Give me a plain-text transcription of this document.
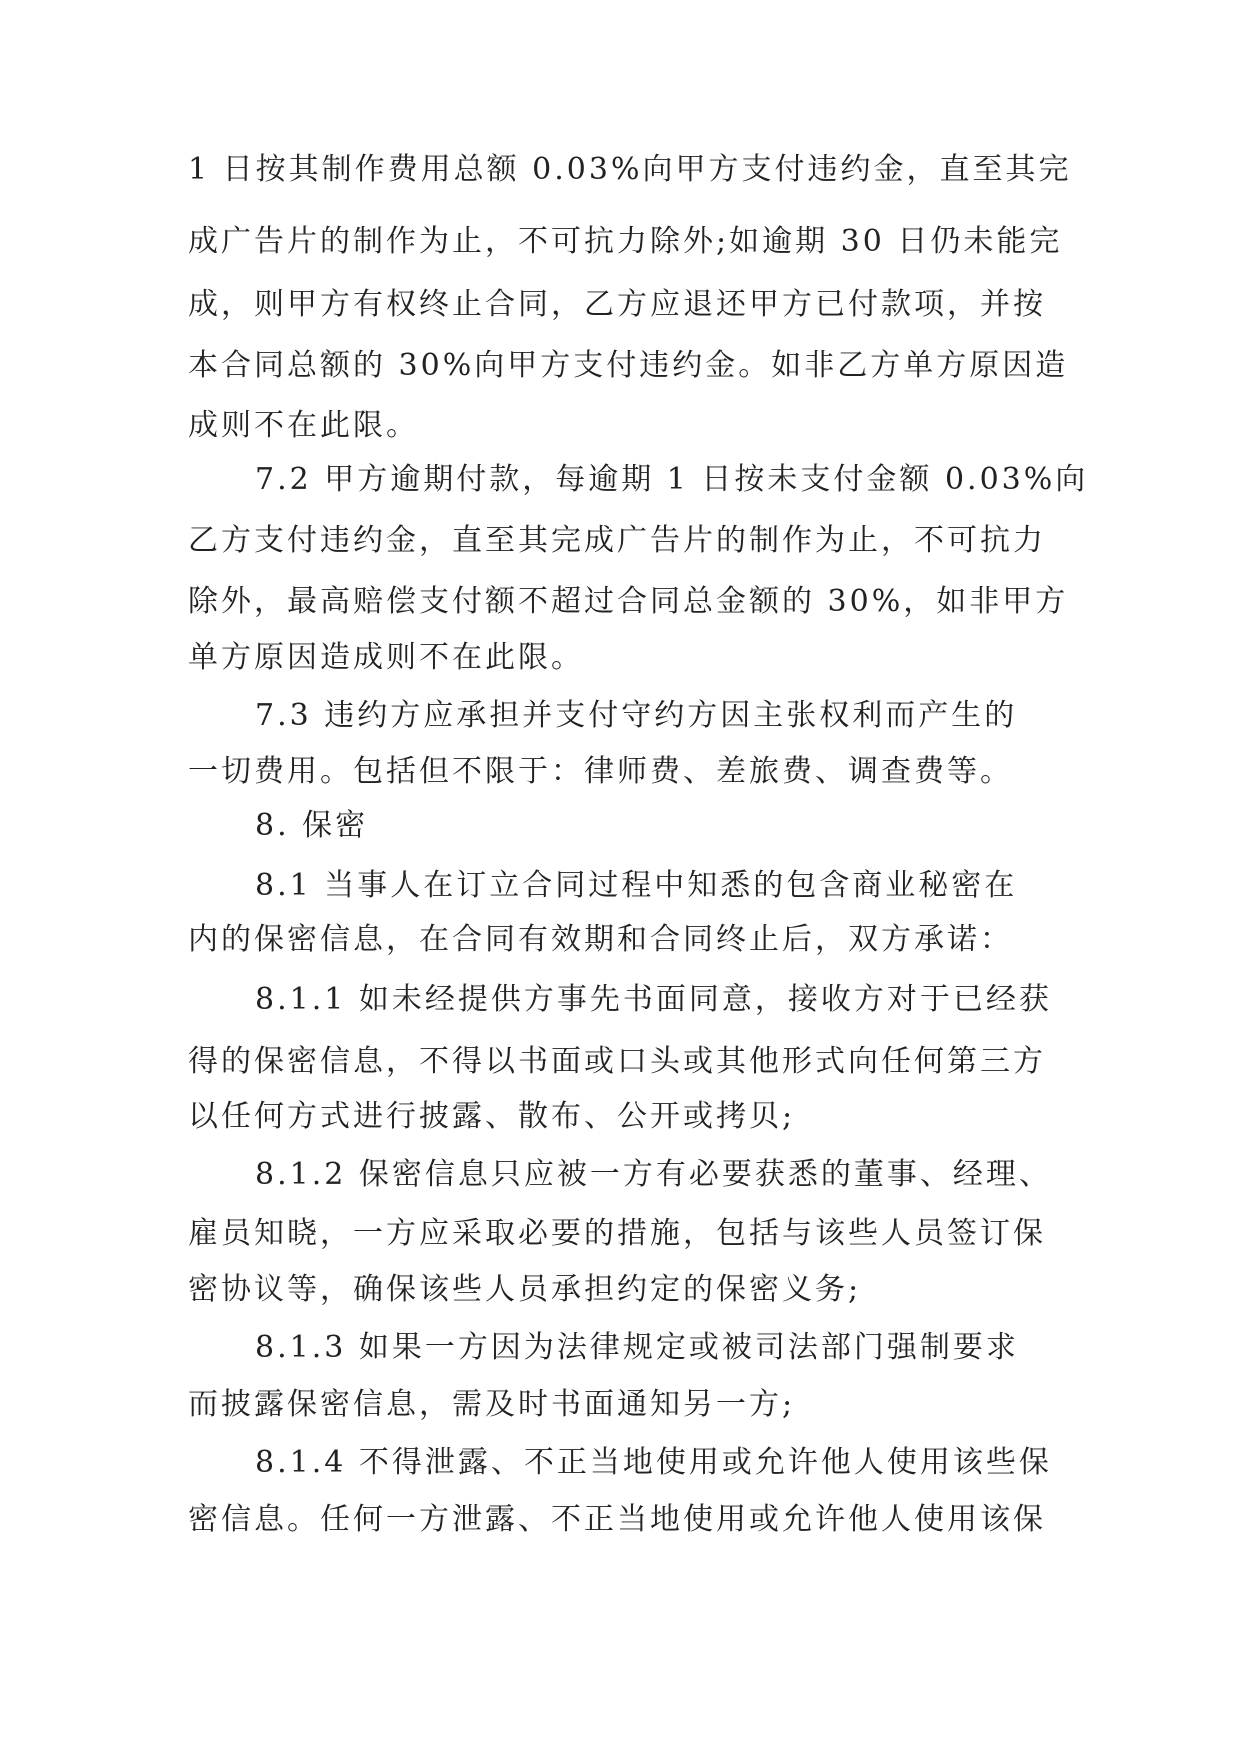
1 日按其制作费用总额 0.03%向甲方支付违约金，直至其完

成广告片的制作为止，不可抗力除外;如逾期 30 日仍未能完

成，则甲方有权终止合同，乙方应退还甲方已付款项，并按

本合同总额的 30%向甲方支付违约金。如非乙方单方原因造

成则不在此限。

7.2 甲方逾期付款，每逾期 1 日按未支付金额 0.03%向

乙方支付违约金，直至其完成广告片的制作为止，不可抗力

除外，最高赔偿支付额不超过合同总金额的 30%，如非甲方

单方原因造成则不在此限。

7.3 违约方应承担并支付守约方因主张权利而产生的

一切费用。包括但不限于：律师费、差旅费、调查费等。

8. 保密

8.1 当事人在订立合同过程中知悉的包含商业秘密在

内的保密信息，在合同有效期和合同终止后，双方承诺：

8.1.1 如未经提供方事先书面同意，接收方对于已经获

得的保密信息，不得以书面或口头或其他形式向任何第三方

以任何方式进行披露、散布、公开或拷贝;

8.1.2 保密信息只应被一方有必要获悉的董事、经理、

雇员知晓，一方应采取必要的措施，包括与该些人员签订保

密协议等，确保该些人员承担约定的保密义务;

8.1.3 如果一方因为法律规定或被司法部门强制要求

而披露保密信息，需及时书面通知另一方;

8.1.4 不得泄露、不正当地使用或允许他人使用该些保

密信息。任何一方泄露、不正当地使用或允许他人使用该保
